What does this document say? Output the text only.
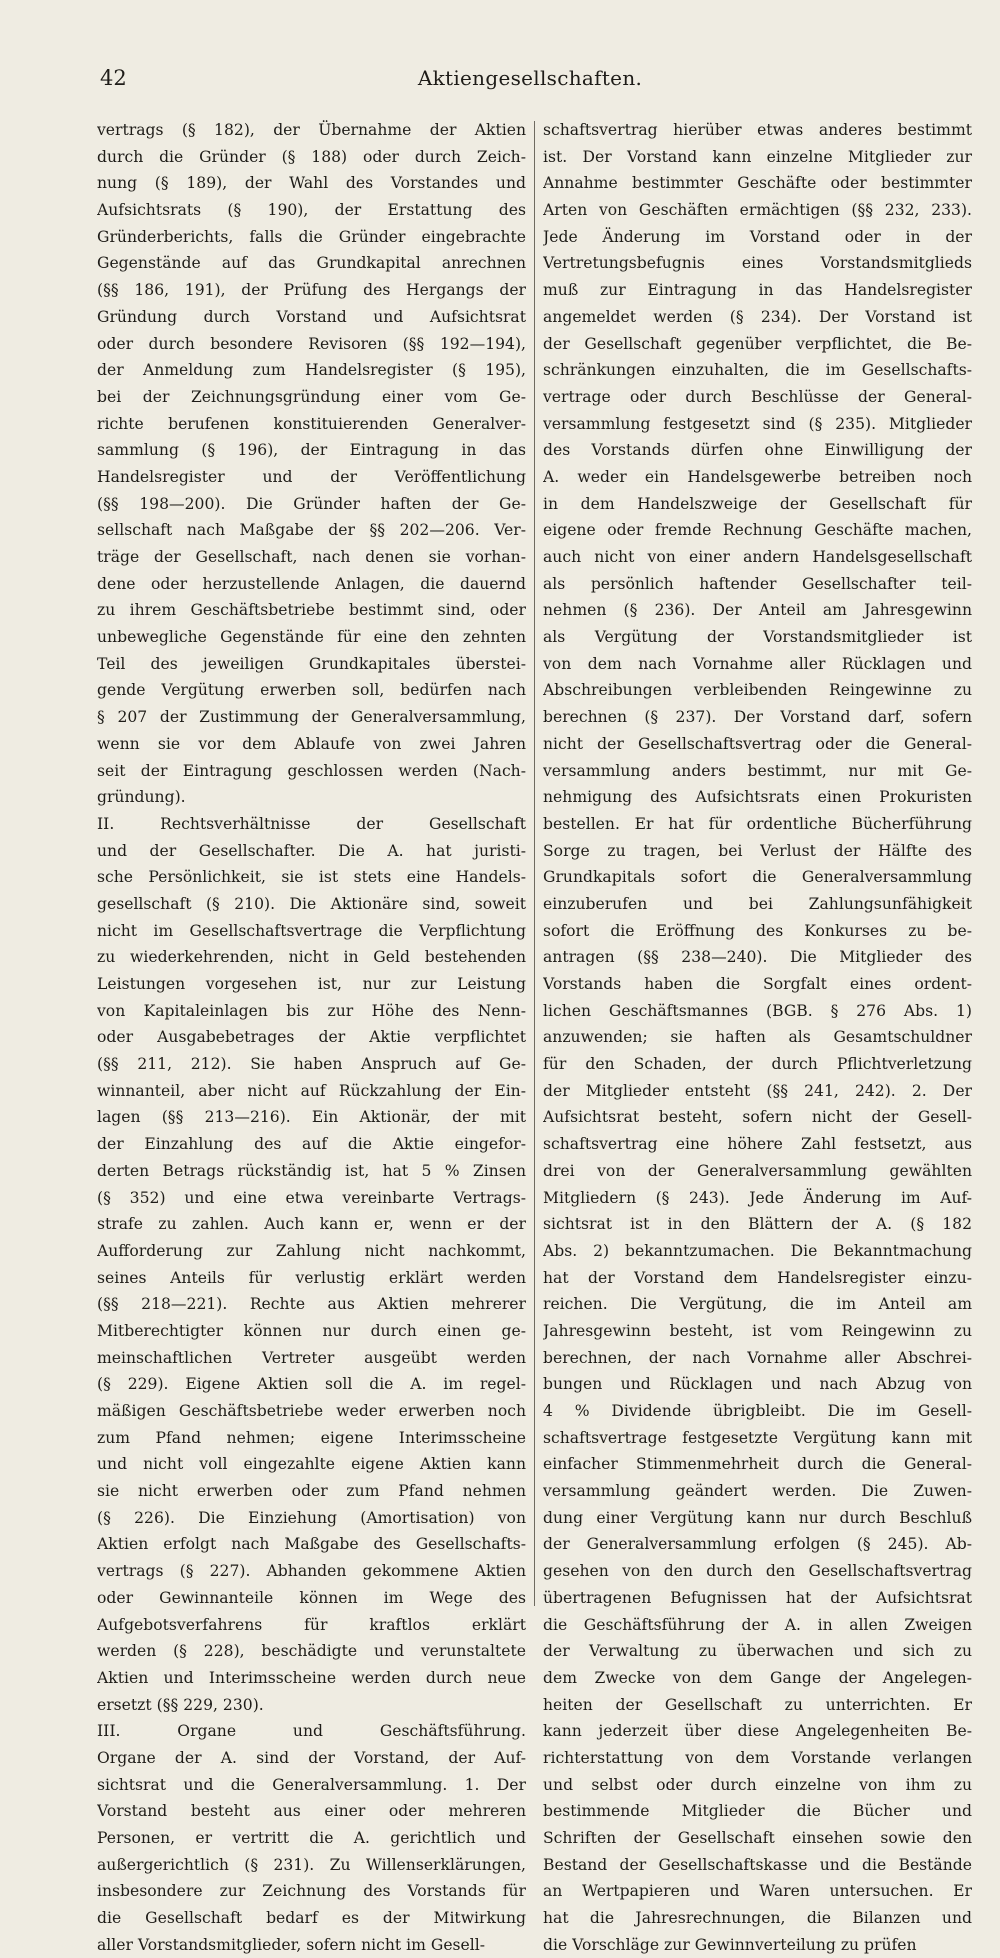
42	Aktiengesellschaften.
vertrags (§ 182), der Übernahme der Aktien
durch die Gründer (§ 188) oder durch Zeich-
nung (§ 189), der Wahl des Vorstandes und
Aufsichtsrats (§ 190), der Erstattung des
Gründerberichts, falls die Gründer eingebrachte
Gegenstände auf das Grundkapital anrechnen
(§§ 186, 191), der Prüfung des Hergangs der
Gründung durch Vorstand und Aufsichtsrat
oder durch besondere Revisoren (§§ 192—194),
der Anmeldung zum Handelsregister (§ 195),
bei der Zeichnungsgründung einer vom Ge-
richte berufenen konstituierenden Generalver-
sammlung (§ 196), der Eintragung in das
Handelsregister und der Veröffentlichung
(§§ 198—200). Die Gründer haften der Ge-
sellschaft nach Maßgabe der §§ 202—206. Ver-
träge der Gesellschaft, nach denen sie vorhan-
dene oder herzustellende Anlagen, die dauernd
zu ihrem Geschäftsbetriebe bestimmt sind, oder
unbewegliche Gegenstände für eine den zehnten
Teil des jeweiligen Grundkapitales überstei-
gende Vergütung erwerben soll, bedürfen nach
§ 207 der Zustimmung der Generalversammlung,
wenn sie vor dem Ablaufe von zwei Jahren
seit der Eintragung geschlossen werden (Nach-
gründung).
II. Rechtsverhältnisse der Gesellschaft
und der Gesellschafter. Die A. hat juristi-
sche Persönlichkeit, sie ist stets eine Handels-
gesellschaft (§ 210). Die Aktionäre sind, soweit
nicht im Gesellschaftsvertrage die Verpflichtung
zu wiederkehrenden, nicht in Geld bestehenden
Leistungen vorgesehen ist, nur zur Leistung
von Kapitaleinlagen bis zur Höhe des Nenn-
oder Ausgabebetrages der Aktie verpflichtet
(§§ 211, 212). Sie haben Anspruch auf Ge-
winnanteil, aber nicht auf Rückzahlung der Ein-
lagen (§§ 213—216). Ein Aktionär, der mit
der Einzahlung des auf die Aktie eingefor-
derten Betrags rückständig ist, hat 5 % Zinsen
(§ 352) und eine etwa vereinbarte Vertrags-
strafe zu zahlen. Auch kann er, wenn er der
Aufforderung zur Zahlung nicht nachkommt,
seines Anteils für verlustig erklärt werden
(§§ 218—221). Rechte aus Aktien mehrerer
Mitberechtigter können nur durch einen ge-
meinschaftlichen Vertreter ausgeübt werden
(§ 229). Eigene Aktien soll die A. im regel-
mäßigen Geschäftsbetriebe weder erwerben noch
zum Pfand nehmen; eigene Interimsscheine
und nicht voll eingezahlte eigene Aktien kann
sie nicht erwerben oder zum Pfand nehmen
(§ 226). Die Einziehung (Amortisation) von
Aktien erfolgt nach Maßgabe des Gesellschafts-
vertrags (§ 227). Abhanden gekommene Aktien
oder Gewinnanteile können im Wege des
Aufgebotsverfahrens für kraftlos erklärt
werden (§ 228), beschädigte und verunstaltete
Aktien und Interimsscheine werden durch neue
ersetzt (§§ 229, 230).
III. Organe und Geschäftsführung.
Organe der A. sind der Vorstand, der Auf-
sichtsrat und die Generalversammlung. 1. Der
Vorstand besteht aus einer oder mehreren
Personen, er vertritt die A. gerichtlich und
außergerichtlich (§ 231). Zu Willenserklärungen,
insbesondere zur Zeichnung des Vorstands für
die Gesellschaft bedarf es der Mitwirkung
aller Vorstandsmitglieder, sofern nicht im Gesell-
schaftsvertrag hierüber etwas anderes bestimmt
ist. Der Vorstand kann einzelne Mitglieder zur
Annahme bestimmter Geschäfte oder bestimmter
Arten von Geschäften ermächtigen (§§ 232, 233).
Jede Änderung im Vorstand oder in der
Vertretungsbefugnis eines Vorstandsmitglieds
muß zur Eintragung in das Handelsregister
angemeldet werden (§ 234). Der Vorstand ist
der Gesellschaft gegenüber verpflichtet, die Be-
schränkungen einzuhalten, die im Gesellschafts-
vertrage oder durch Beschlüsse der General-
versammlung festgesetzt sind (§ 235). Mitglieder
des Vorstands dürfen ohne Einwilligung der
A. weder ein Handelsgewerbe betreiben noch
in dem Handelszweige der Gesellschaft für
eigene oder fremde Rechnung Geschäfte machen,
auch nicht von einer andern Handelsgesellschaft
als persönlich haftender Gesellschafter teil-
nehmen (§ 236). Der Anteil am Jahresgewinn
als Vergütung der Vorstandsmitglieder ist
von dem nach Vornahme aller Rücklagen und
Abschreibungen verbleibenden Reingewinne zu
berechnen (§ 237). Der Vorstand darf, sofern
nicht der Gesellschaftsvertrag oder die General-
versammlung anders bestimmt, nur mit Ge-
nehmigung des Aufsichtsrats einen Prokuristen
bestellen. Er hat für ordentliche Bücherführung
Sorge zu tragen, bei Verlust der Hälfte des
Grundkapitals sofort die Generalversammlung
einzuberufen und bei Zahlungsunfähigkeit
sofort die Eröffnung des Konkurses zu be-
antragen (§§ 238—240). Die Mitglieder des
Vorstands haben die Sorgfalt eines ordent-
lichen Geschäftsmannes (BGB. § 276 Abs. 1)
anzuwenden; sie haften als Gesamtschuldner
für den Schaden, der durch Pflichtverletzung
der Mitglieder entsteht (§§ 241, 242). 2. Der
Aufsichtsrat besteht, sofern nicht der Gesell-
schaftsvertrag eine höhere Zahl festsetzt, aus
drei von der Generalversammlung gewählten
Mitgliedern (§ 243). Jede Änderung im Auf-
sichtsrat ist in den Blättern der A. (§ 182
Abs. 2) bekanntzumachen. Die Bekanntmachung
hat der Vorstand dem Handelsregister einzu-
reichen. Die Vergütung, die im Anteil am
Jahresgewinn besteht, ist vom Reingewinn zu
berechnen, der nach Vornahme aller Abschrei-
bungen und Rücklagen und nach Abzug von
4 % Dividende übrigbleibt. Die im Gesell-
schaftsvertrage festgesetzte Vergütung kann mit
einfacher Stimmenmehrheit durch die General-
versammlung geändert werden. Die Zuwen-
dung einer Vergütung kann nur durch Beschluß
der Generalversammlung erfolgen (§ 245). Ab-
gesehen von den durch den Gesellschaftsvertrag
übertragenen Befugnissen hat der Aufsichtsrat
die Geschäftsführung der A. in allen Zweigen
der Verwaltung zu überwachen und sich zu
dem Zwecke von dem Gange der Angelegen-
heiten der Gesellschaft zu unterrichten. Er
kann jederzeit über diese Angelegenheiten Be-
richterstattung von dem Vorstande verlangen
und selbst oder durch einzelne von ihm zu
bestimmende Mitglieder die Bücher und
Schriften der Gesellschaft einsehen sowie den
Bestand der Gesellschaftskasse und die Bestände
an Wertpapieren und Waren untersuchen. Er
hat die Jahresrechnungen, die Bilanzen und
die Vorschläge zur Gewinnverteilung zu prüfen
